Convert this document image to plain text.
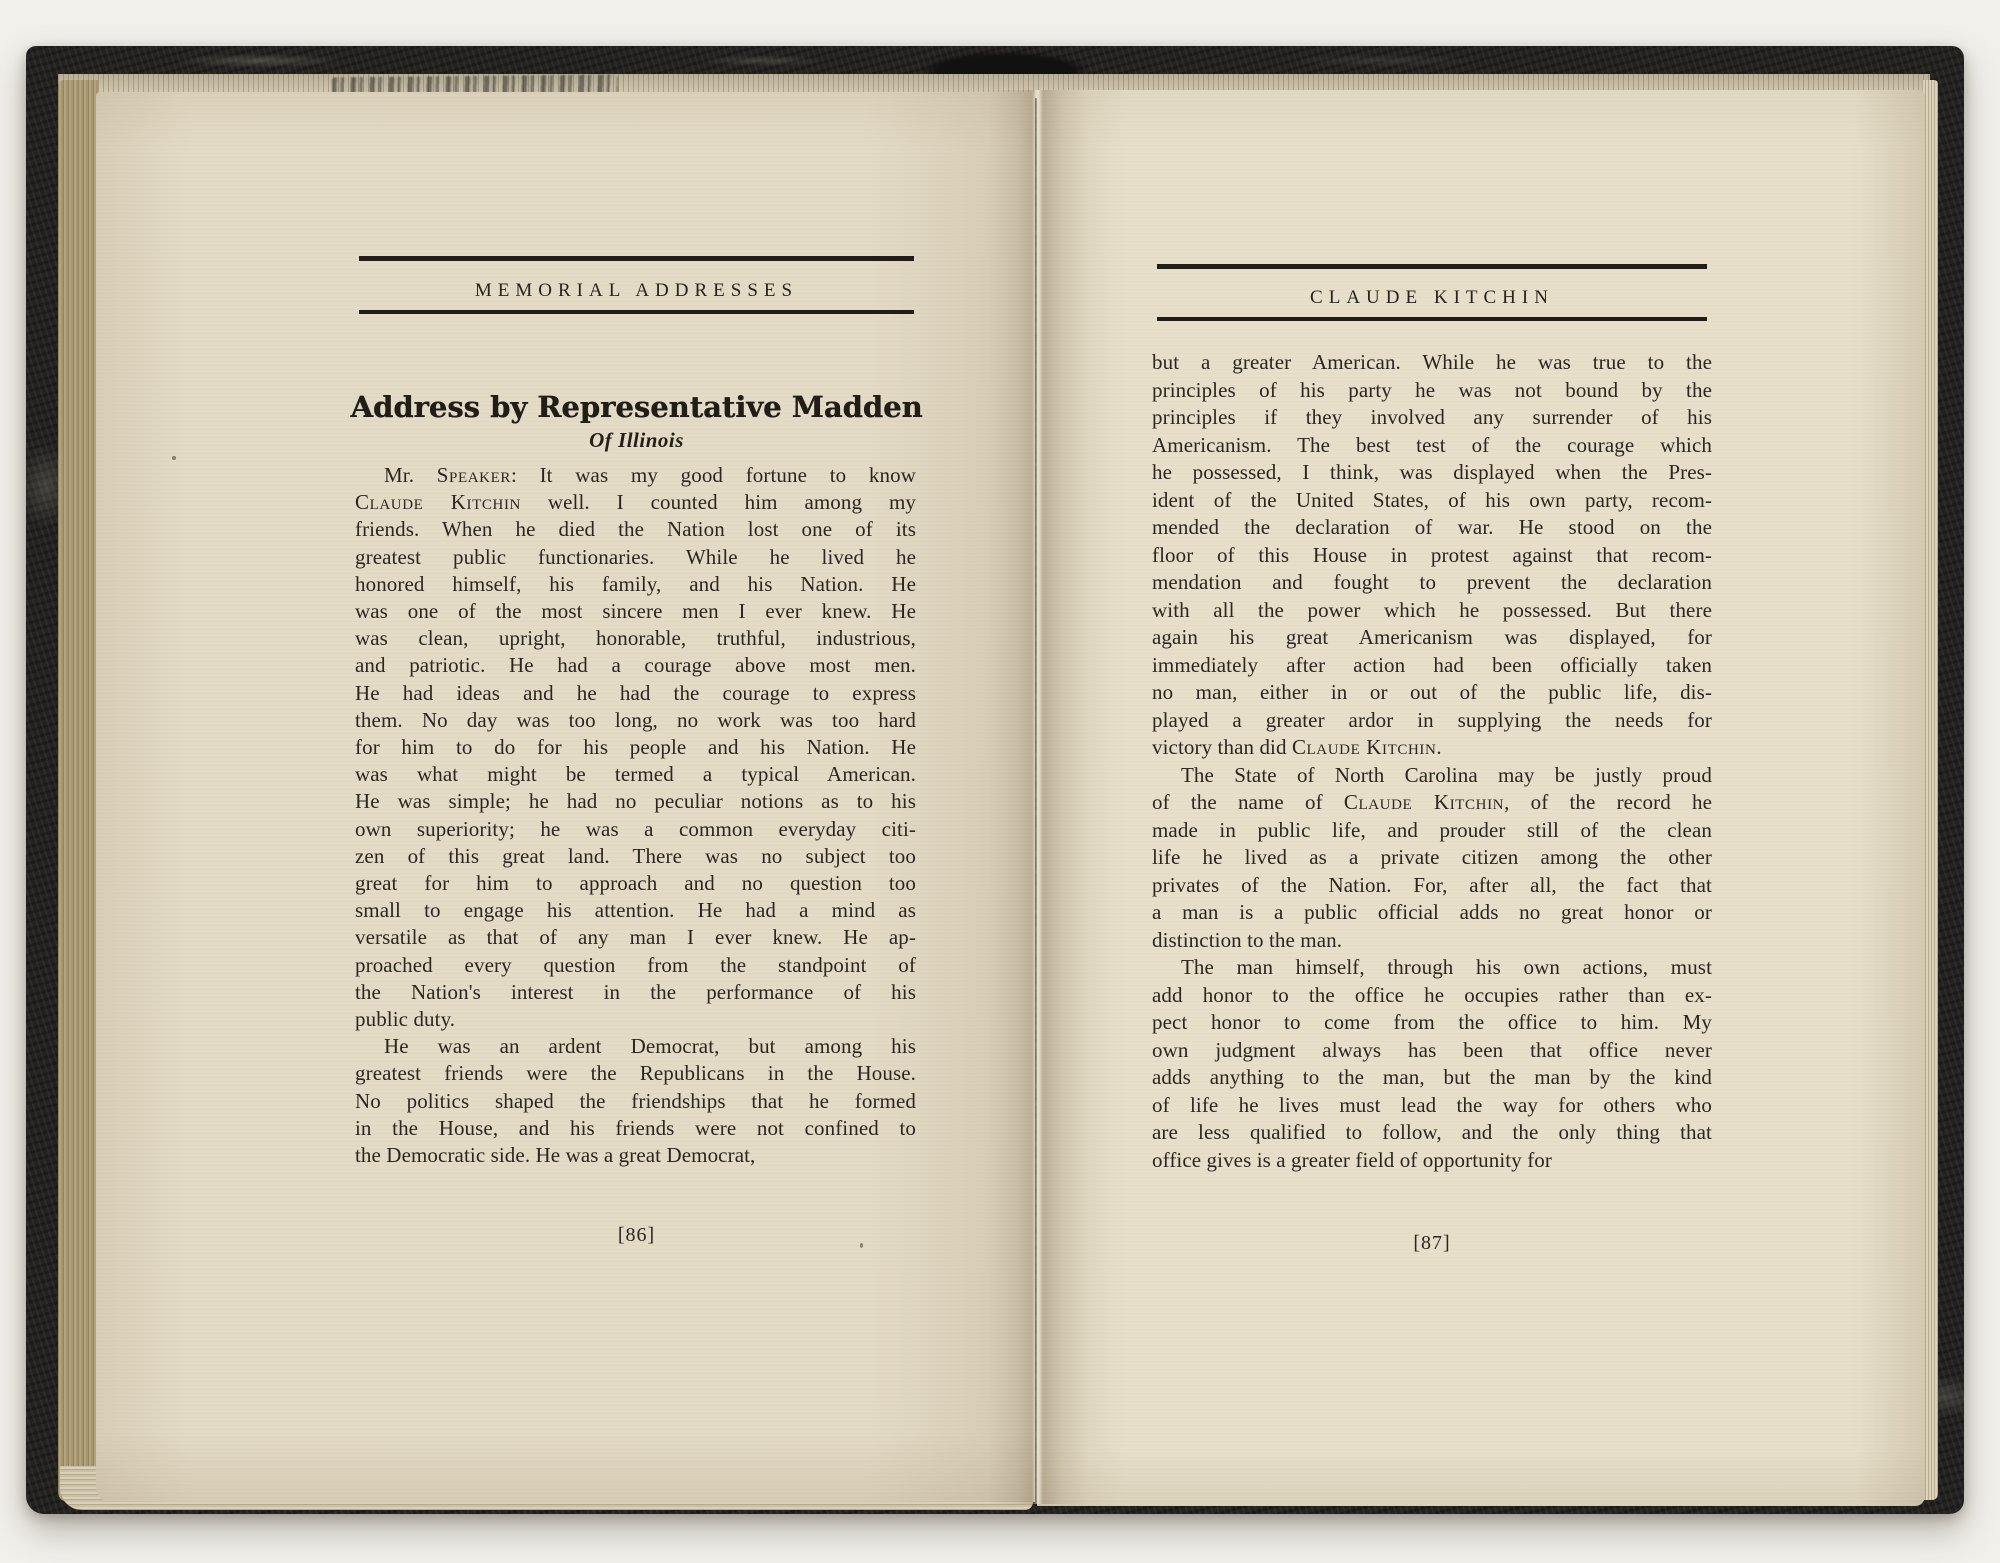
MEMORIAL ADDRESSES
Address by Representative Madden
Of Illinois
Mr. Speaker: It was my good fortune to know
Claude Kitchin well. I counted him among my
friends. When he died the Nation lost one of its
greatest public functionaries. While he lived he
honored himself, his family, and his Nation. He
was one of the most sincere men I ever knew. He
was clean, upright, honorable, truthful, industrious,
and patriotic. He had a courage above most men.
He had ideas and he had the courage to express
them. No day was too long, no work was too hard
for him to do for his people and his Nation. He
was what might be termed a typical American.
He was simple; he had no peculiar notions as to his
own superiority; he was a common everyday citi-
zen of this great land. There was no subject too
great for him to approach and no question too
small to engage his attention. He had a mind as
versatile as that of any man I ever knew. He ap-
proached every question from the standpoint of
the Nation's interest in the performance of his
public duty.
He was an ardent Democrat, but among his
greatest friends were the Republicans in the House.
No politics shaped the friendships that he formed
in the House, and his friends were not confined to
the Democratic side. He was a great Democrat,
[86]
CLAUDE KITCHIN
but a greater American. While he was true to the
principles of his party he was not bound by the
principles if they involved any surrender of his
Americanism. The best test of the courage which
he possessed, I think, was displayed when the Pres-
ident of the United States, of his own party, recom-
mended the declaration of war. He stood on the
floor of this House in protest against that recom-
mendation and fought to prevent the declaration
with all the power which he possessed. But there
again his great Americanism was displayed, for
immediately after action had been officially taken
no man, either in or out of the public life, dis-
played a greater ardor in supplying the needs for
victory than did Claude Kitchin.
The State of North Carolina may be justly proud
of the name of Claude Kitchin, of the record he
made in public life, and prouder still of the clean
life he lived as a private citizen among the other
privates of the Nation. For, after all, the fact that
a man is a public official adds no great honor or
distinction to the man.
The man himself, through his own actions, must
add honor to the office he occupies rather than ex-
pect honor to come from the office to him. My
own judgment always has been that office never
adds anything to the man, but the man by the kind
of life he lives must lead the way for others who
are less qualified to follow, and the only thing that
office gives is a greater field of opportunity for
[87]
